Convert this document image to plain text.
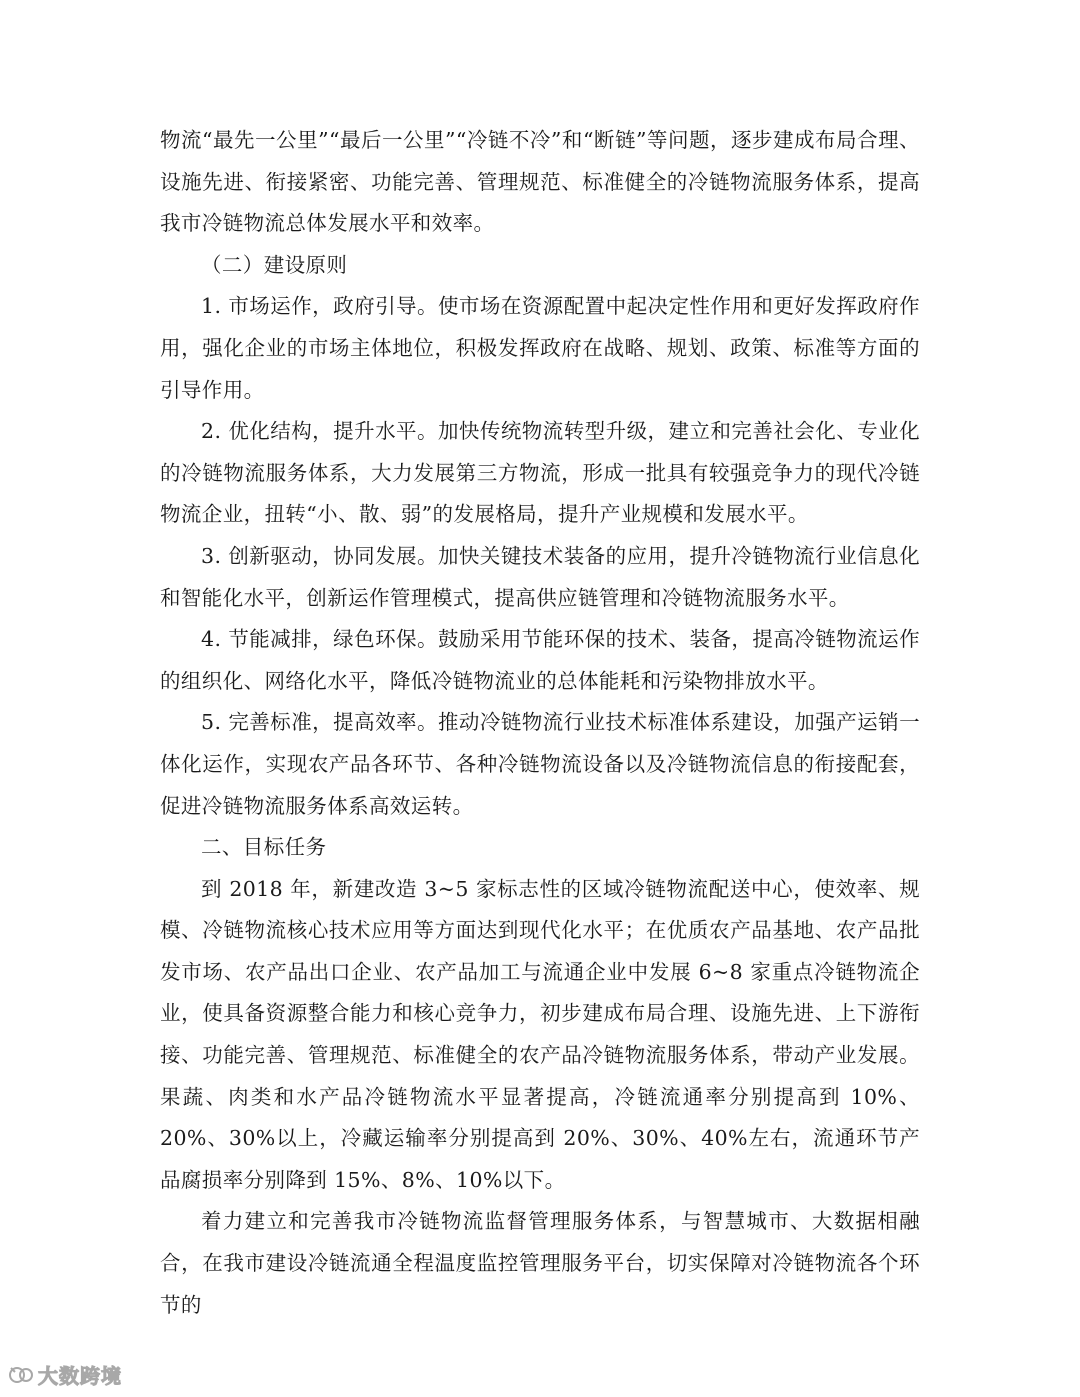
物流“最先一公里”“最后一公里”“冷链不冷”和“断链”等问题，逐步建成布局合理、设施先进、衔接紧密、功能完善、管理规范、标准健全的冷链物流服务体系，提高我市冷链物流总体发展水平和效率。

（二）建设原则

1. 市场运作，政府引导。使市场在资源配置中起决定性作用和更好发挥政府作用，强化企业的市场主体地位，积极发挥政府在战略、规划、政策、标准等方面的引导作用。

2. 优化结构，提升水平。加快传统物流转型升级，建立和完善社会化、专业化的冷链物流服务体系，大力发展第三方物流，形成一批具有较强竞争力的现代冷链物流企业，扭转“小、散、弱”的发展格局，提升产业规模和发展水平。

3. 创新驱动，协同发展。加快关键技术装备的应用，提升冷链物流行业信息化和智能化水平，创新运作管理模式，提高供应链管理和冷链物流服务水平。

4. 节能减排，绿色环保。鼓励采用节能环保的技术、装备，提高冷链物流运作的组织化、网络化水平，降低冷链物流业的总体能耗和污染物排放水平。

5. 完善标准，提高效率。推动冷链物流行业技术标准体系建设，加强产运销一体化运作，实现农产品各环节、各种冷链物流设备以及冷链物流信息的衔接配套，促进冷链物流服务体系高效运转。

二、目标任务

到 2018 年，新建改造 3~5 家标志性的区域冷链物流配送中心，使效率、规模、冷链物流核心技术应用等方面达到现代化水平；在优质农产品基地、农产品批发市场、农产品出口企业、农产品加工与流通企业中发展 6~8 家重点冷链物流企业，使具备资源整合能力和核心竞争力，初步建成布局合理、设施先进、上下游衔接、功能完善、管理规范、标准健全的农产品冷链物流服务体系，带动产业发展。果蔬、肉类和水产品冷链物流水平显著提高，冷链流通率分别提高到 10%、20%、30%以上，冷藏运输率分别提高到 20%、30%、40%左右，流通环节产品腐损率分别降到 15%、8%、10%以下。

着力建立和完善我市冷链物流监督管理服务体系，与智慧城市、大数据相融合，在我市建设冷链流通全程温度监控管理服务平台，切实保障对冷链物流各个环节的

大数跨境
